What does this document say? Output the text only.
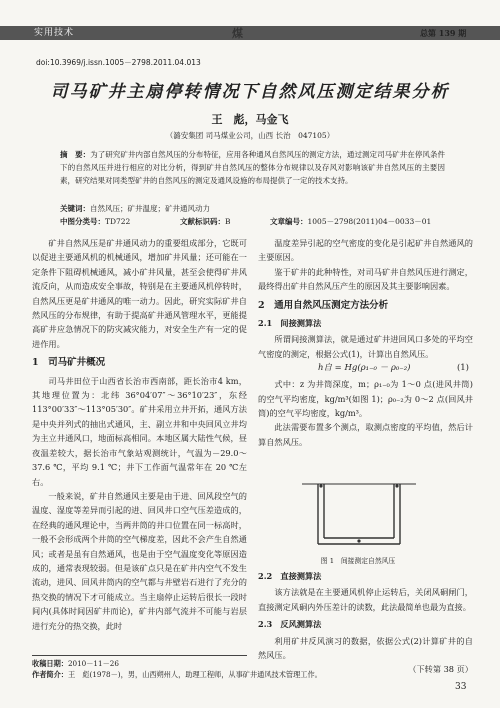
实用技术	煤	总第 139 期
doi:10.3969/j.issn.1005－2798.2011.04.013
司马矿井主扇停转情况下自然风压测定结果分析
王　彪，马金飞
（潞安集团 司马煤业公司，山西 长治　047105）
摘　要：为了研究矿井内部自然风压的分布特征，应用各种通风自然风压的测定方法，通过测定司马矿井在停风条件下的自然风压并进行相应的对比分析，得到矿井自然风压的整体分布规律以及存风对影响该矿井自然风压的主要因素，研究结果对同类型矿井的自然风压的测定及通风设施的布局提供了一定的技术支持。
关键词：自然风压；矿井温度；矿井通风动力
中图分类号：TD722	文献标识码：B	文章编号：1005－2798(2011)04－0033－01

矿井自然风压是矿井通风动力的重要组成部分，它既可以促进主要通风机的机械通风，增加矿井风量；还可能在一定条件下阻碍机械通风，减小矿井风量，甚至会使得矿井风流反向，从而造成安全事故，特别是在主要通风机停转时，自然风压更是矿井通风的唯一动力。因此，研究实际矿井自然风压的分布规律，有助于提高矿井通风管理水平，更能提高矿井应急情况下的防灾减灾能力，对安全生产有一定的促进作用。

1　司马矿井概况

司马井田位于山西省长治市西南部，距长治市4 km，其地理位置为：北纬 36°04′07″～36°10′23″，东经 113°00′33″～113°05′30″。矿井采用立井开拓，通风方法是中央并列式的抽出式通风，主、副立井和中央回风立井均为主立井通风口，地面标高相同。本地区属大陆性气候，昼夜温差较大，据长治市气象站观测统计，气温为－29.0～37.6 ℃，平均 9.1 ℃；井下工作面气温常年在 20 ℃左右。

一般来说，矿井自然通风主要是由于进、回风段空气的温度、湿度等差异而引起的进、回风井口空气压差造成的，在经典的通风理论中，当两井筒的井口位置在同一标高时，一般不会形成两个井筒的空气梯度差，因此不会产生自然通风；或者是虽有自然通风，也是由于空气温度变化等原因造成的，通常表现较弱。但是该矿点只是在矿井内空气不发生流动，进风、回风井筒内的空气都与井壁岩石进行了充分的热交换的情况下才可能成立。当主扇停止运转后很长一段时间内(具体时间因矿井而论)，矿井内部气流并不可能与岩层进行充分的热交换，此时

温度差异引起的空气密度的变化是引起矿井自然通风的主要原因。

鉴于矿井的此种特性，对司马矿井自然风压进行测定，最终得出矿井自然风压产生的原因及其主要影响因素。

2　通用自然风压测定方法分析
2.1　间接测算法

所谓间接测算法，就是通过矿井进回风口多处的平均空气密度的测定，根据公式(1)，计算出自然风压。

h自 = Hg(ρ₁₋₀ － ρ₀₋₂)	(1)

式中：z 为井筒深度，m；ρ₁₋₀为 1～0 点(进风井筒)的空气平均密度，kg/m³(如图 1)；ρ₀₋₂为 0～2 点(回风井筒)的空气平均密度，kg/m³。

此法需要布置多个测点，取测点密度的平均值，然后计算自然风压。

图 1　间接测定自然风压
2.2　直接测算法

该方法就是在主要通风机停止运转后，关闭风硐闸门，直接测定风硐内外压差计的读数，此法最简单也最为直接。

2.3　反风测算法

利用矿井反风演习的数据，依据公式(2)计算矿井的自然风压。

（下转第 38 页）
收稿日期：2010－11－26
作者简介：王　彪(1978－)，男，山西朔州人，助理工程师，从事矿井通风技术管理工作。
33
